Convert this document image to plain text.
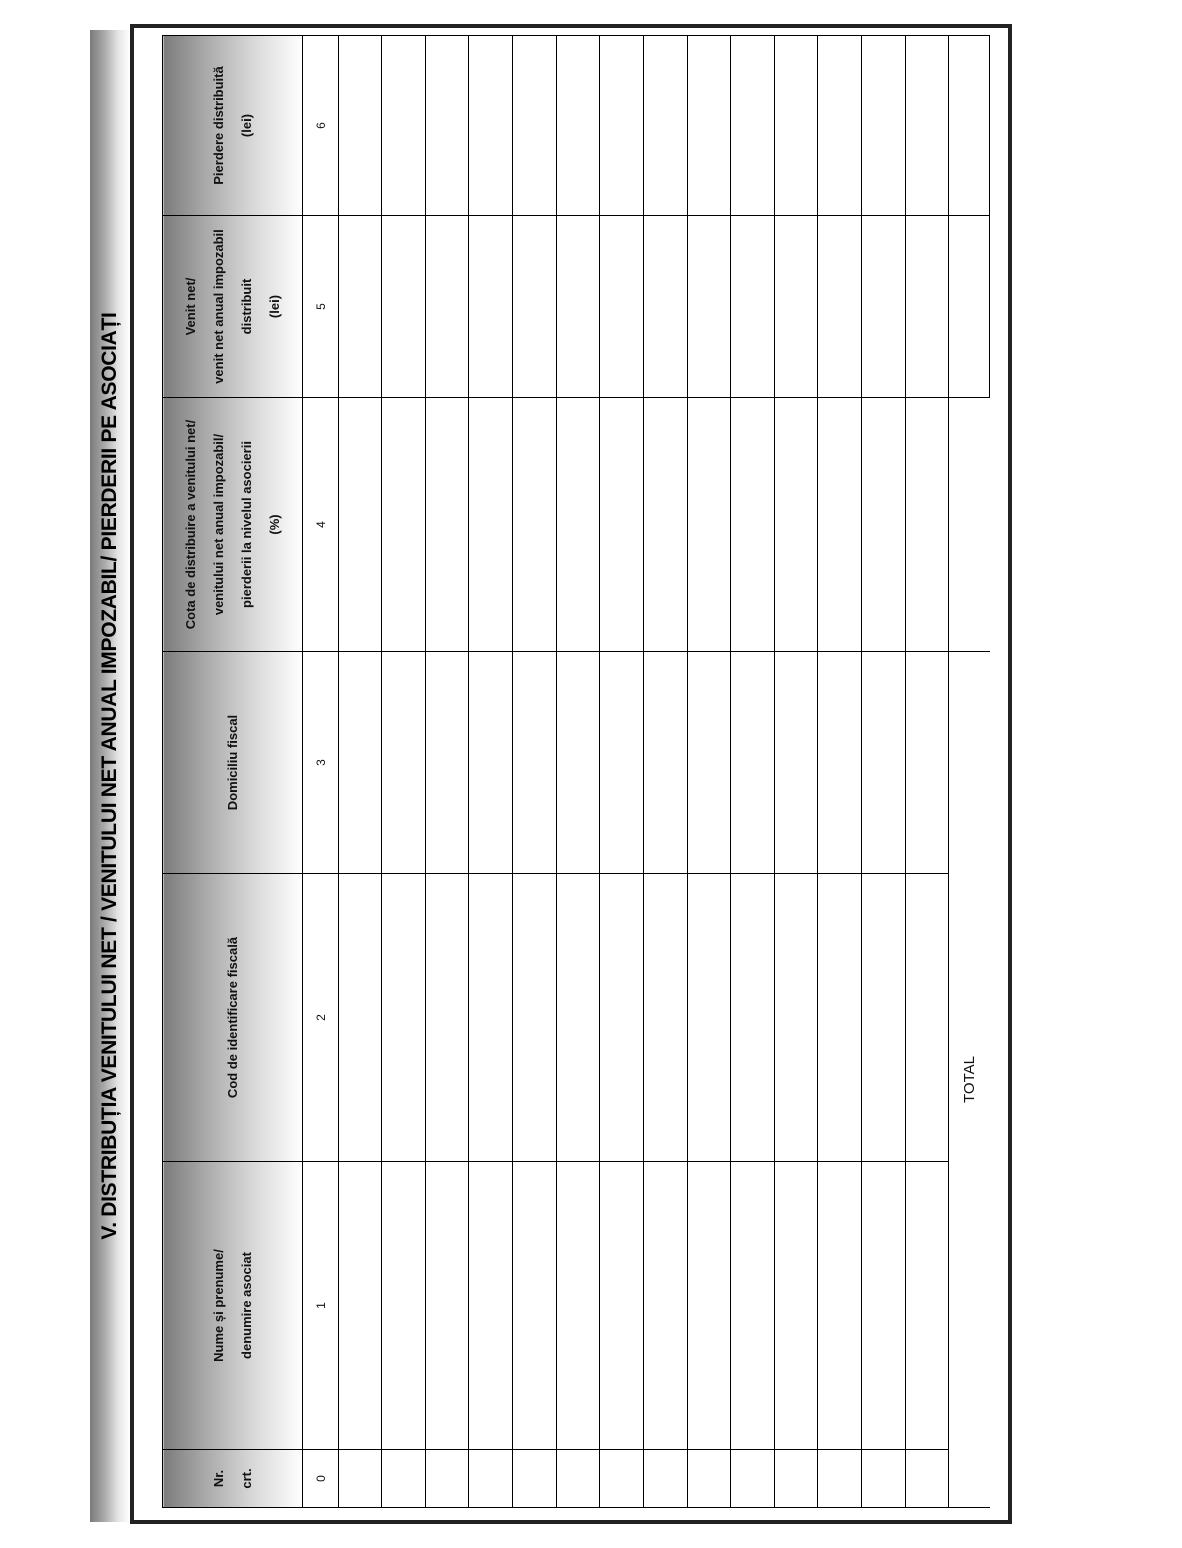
V. DISTRIBUȚIA VENITULUI NET / VENITULUI NET ANUAL IMPOZABIL/ PIERDERII PE ASOCIAȚI
Nr. crt.	Nume și prenume/ denumire asociat	Cod de identificare fiscală	Domiciliu fiscal	Cota de distribuire a venitului net/ venitului net anual impozabil/ pierderii la nivelul asocierii (%)	Venit net/ venit net anual impozabil distribuit (lei)	Pierdere distribuită (lei)

0	1	2	3	4	5	6

TOTAL						
